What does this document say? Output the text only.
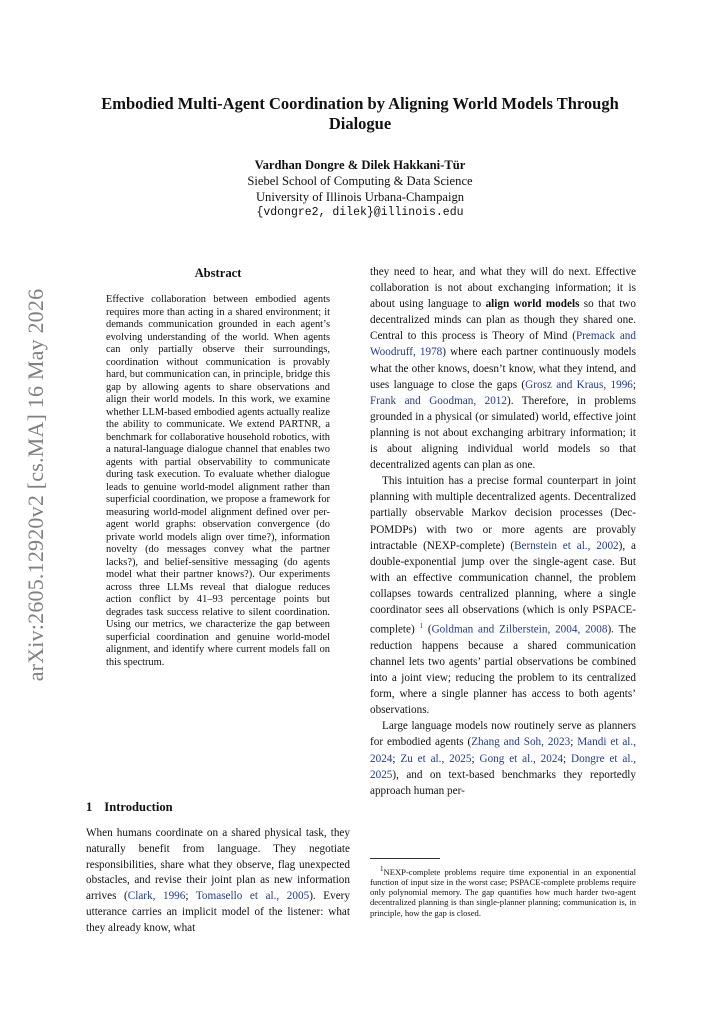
arXiv:2605.12920v2 [cs.MA] 16 May 2026
Embodied Multi-Agent Coordination by Aligning World Models Through Dialogue
Vardhan Dongre & Dilek Hakkani-Tür
Siebel School of Computing & Data Science
University of Illinois Urbana-Champaign
{vdongre2, dilek}@illinois.edu
Abstract
Effective collaboration between embodied agents requires more than acting in a shared environment; it demands communication grounded in each agent’s evolving understanding of the world. When agents can only partially observe their surroundings, coordination without communication is provably hard, but communication can, in principle, bridge this gap by allowing agents to share observations and align their world models. In this work, we examine whether LLM-based embodied agents actually realize the ability to communicate. We extend PARTNR, a benchmark for collaborative household robotics, with a natural-language dialogue channel that enables two agents with partial observability to communicate during task execution. To evaluate whether dialogue leads to genuine world-model alignment rather than superficial coordination, we propose a framework for measuring world-model alignment defined over per-agent world graphs: observation convergence (do private world models align over time?), information novelty (do messages convey what the partner lacks?), and belief-sensitive messaging (do agents model what their partner knows?). Our experiments across three LLMs reveal that dialogue reduces action conflict by 41–93 percentage points but degrades task success relative to silent coordination. Using our metrics, we characterize the gap between superficial coordination and genuine world-model alignment, and identify where current models fall on this spectrum.
1 Introduction
When humans coordinate on a shared physical task, they naturally benefit from language. They negotiate responsibilities, share what they observe, flag unexpected obstacles, and revise their joint plan as new information arrives (Clark, 1996; Tomasello et al., 2005). Every utterance carries an implicit model of the listener: what they already know, what

they need to hear, and what they will do next. Effective collaboration is not about exchanging information; it is about using language to align world models so that two decentralized minds can plan as though they shared one. Central to this process is Theory of Mind (Premack and Woodruff, 1978) where each partner continuously models what the other knows, doesn’t know, what they intend, and uses language to close the gaps (Grosz and Kraus, 1996; Frank and Goodman, 2012). Therefore, in problems grounded in a physical (or simulated) world, effective joint planning is not about exchanging arbitrary information; it is about aligning individual world models so that decentralized agents can plan as one.

This intuition has a precise formal counterpart in joint planning with multiple decentralized agents. Decentralized partially observable Markov decision processes (Dec-POMDPs) with two or more agents are provably intractable (NEXP-complete) (Bernstein et al., 2002), a double-exponential jump over the single-agent case. But with an effective communication channel, the problem collapses towards centralized planning, where a single coordinator sees all observations (which is only PSPACE-complete) $^1$ (Goldman and Zilberstein, 2004, 2008). The reduction happens because a shared communication channel lets two agents’ partial observations be combined into a joint view; reducing the problem to its centralized form, where a single planner has access to both agents’ observations.

Large language models now routinely serve as planners for embodied agents (Zhang and Soh, 2023; Mandi et al., 2024; Zu et al., 2025; Gong et al., 2024; Dongre et al., 2025), and on text-based benchmarks they reportedly approach human per-

$^1$NEXP-complete problems require time exponential in an exponential function of input size in the worst case; PSPACE-complete problems require only polynomial memory. The gap quantifies how much harder two-agent decentralized planning is than single-planner planning; communication is, in principle, how the gap is closed.
